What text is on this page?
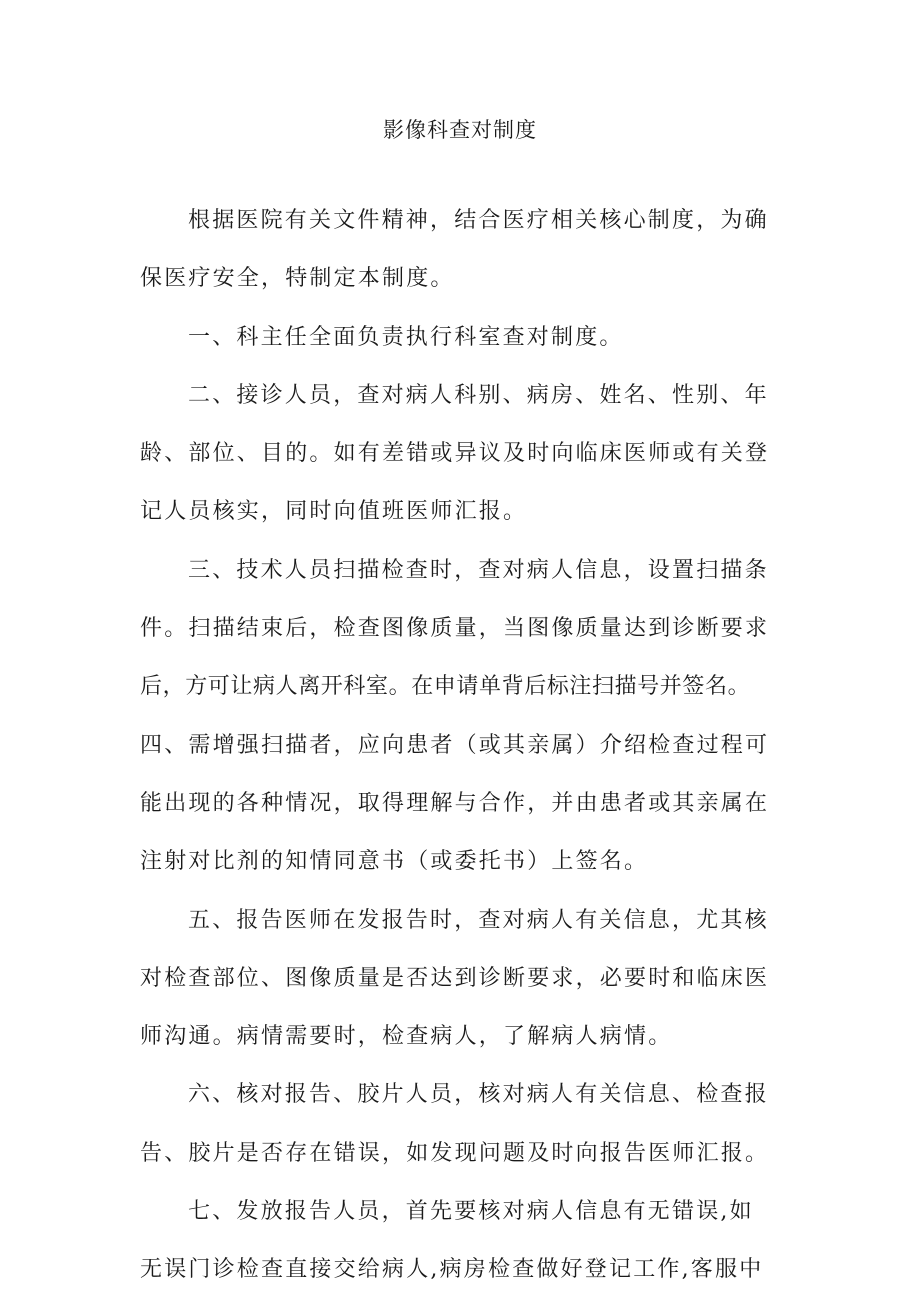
影像科查对制度
根据医院有关文件精神，结合医疗相关核心制度，为确
保医疗安全，特制定本制度。
一、科主任全面负责执行科室查对制度。
二、接诊人员，查对病人科别、病房、姓名、性别、年
龄、部位、目的。如有差错或异议及时向临床医师或有关登
记人员核实，同时向值班医师汇报。
三、技术人员扫描检查时，查对病人信息，设置扫描条
件。扫描结束后，检查图像质量，当图像质量达到诊断要求
后，方可让病人离开科室。在申请单背后标注扫描号并签名。
四、需增强扫描者，应向患者（或其亲属）介绍检查过程可
能出现的各种情况，取得理解与合作，并由患者或其亲属在
注射对比剂的知情同意书（或委托书）上签名。
五、报告医师在发报告时，查对病人有关信息，尤其核
对检查部位、图像质量是否达到诊断要求，必要时和临床医
师沟通。病情需要时，检查病人，了解病人病情。
六、核对报告、胶片人员，核对病人有关信息、检查报
告、胶片是否存在错误，如发现问题及时向报告医师汇报。
七、发放报告人员，首先要核对病人信息有无错误,如
无误门诊检查直接交给病人,病房检查做好登记工作,客服中
